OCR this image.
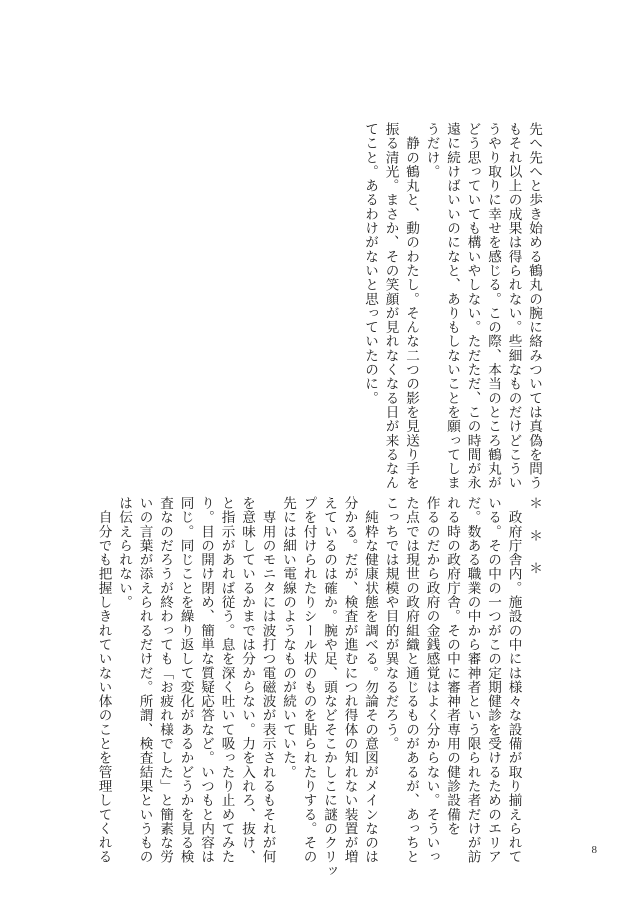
先へ先へと歩き始める鶴丸の腕に絡みついては真偽を問う
もそれ以上の成果は得られない。些細なものだけどこうい
うやり取りに幸せを感じる。この際、本当のところ鶴丸が
どう思っていても構いやしない。ただただ、この時間が永
遠に続けばいいのになと、ありもしないことを願ってしま
うだけ。
　静の鶴丸と、動のわたし。そんな二つの影を見送り手を
振る清光。まさか、その笑顔が見れなくなる日が来るなん
てこと。あるわけがないと思っていたのに。
＊＊＊
　政府庁舎内。施設の中には様々な設備が取り揃えられて
いる。その中の一つがこの定期健診を受けるためのエリア
だ。数ある職業の中から審神者という限られた者だけが訪
れる時の政府庁舎。その中に審神者専用の健診設備を
作るのだから政府の金銭感覚はよく分からない。そういっ
た点では現世の政府組織と通じるものがあるが、あっちと
こっちでは規模や目的が異なるだろう。
　純粋な健康状態を調べる。勿論その意図がメインなのは
分かる。だが、検査が進むにつれ得体の知れない装置が増
えているのは確か。腕や足、頭などそこかしこに謎のクリッ
プを付けられたりシール状のものを貼られたりする。その
先には細い電線のようなものが続いていた。
　専用のモニタには波打つ電磁波が表示されるもそれが何
を意味しているかまでは分からない。力を入れろ、抜け、
と指示があれば従う。息を深く吐いて吸ったり止めてみた
り。目の開け閉め、簡単な質疑応答など。いつもと内容は
同じ。同じことを繰り返して変化があるかどうかを見る検
査なのだろうが終わっても「お疲れ様でした」と簡素な労
いの言葉が添えられるだけだ。所謂、検査結果というもの
は伝えられない。
　自分でも把握しきれていない体のことを管理してくれる	8
